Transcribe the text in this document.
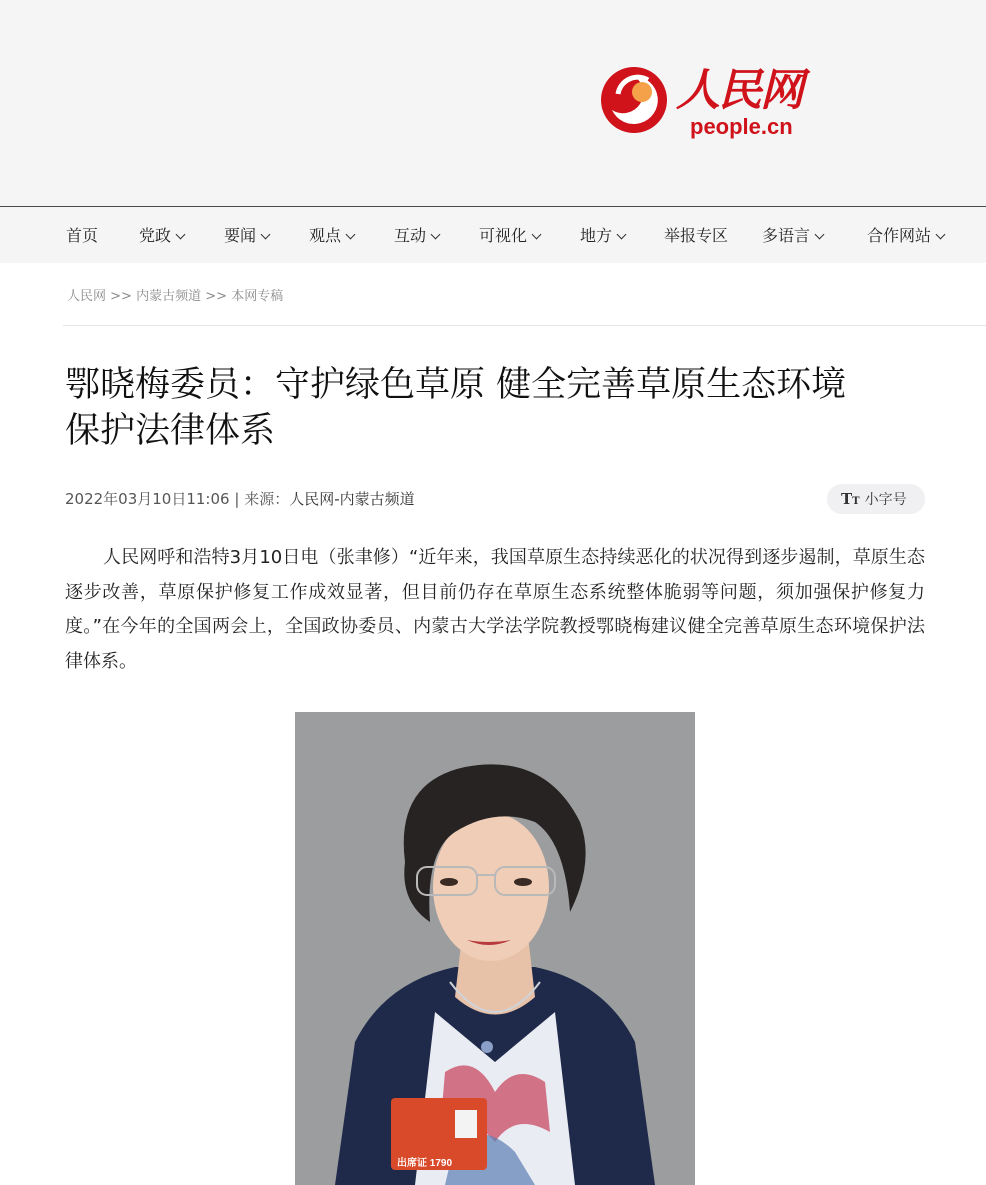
人民网
people.cn
首页	党政	要闻	观点	互动	可视化	地方	举报专区 多语言	合作网站
人民网 >> 内蒙古频道 >> 本网专稿
鄂晓梅委员：守护绿色草原 健全完善草原生态环境
保护法律体系
2022年03月10日11:06 | 来源：人民网-内蒙古频道	TT 小字号

人民网呼和浩特3月10日电（张聿修）“近年来，我国草原生态持续恶化的状况得到逐步遏制，草原生态逐步改善，草原保护修复工作成效显著，但目前仍存在草原生态系统整体脆弱等问题，须加强保护修复力度。”在今年的全国两会上，全国政协委员、内蒙古大学法学院教授鄂晓梅建议健全完善草原生态环境保护法律体系。

出席证 1790
